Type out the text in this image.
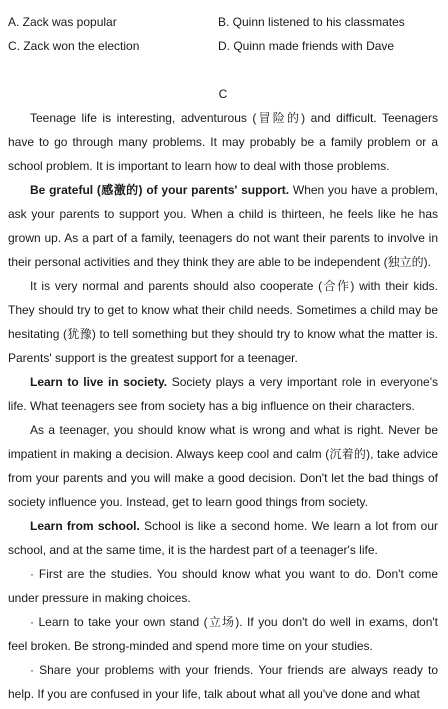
A. Zack was popular	B. Quinn listened to his classmates
C. Zack won the election	D. Quinn made friends with Dave
C

Teenage life is interesting, adventurous (冒险的) and difficult. Teenagers have to go through many problems. It may probably be a family problem or a school problem. It is important to learn how to deal with those problems.

Be grateful (感激的) of your parents' support. When you have a problem, ask your parents to support you. When a child is thirteen, he feels like he has grown up. As a part of a family, teenagers do not want their parents to involve in their personal activities and they think they are able to be independent (独立的).

It is very normal and parents should also cooperate (合作) with their kids. They should try to get to know what their child needs. Sometimes a child may be hesitating (犹豫) to tell something but they should try to know what the matter is. Parents' support is the greatest support for a teenager.

Learn to live in society. Society plays a very important role in everyone's life. What teenagers see from society has a big influence on their characters.

As a teenager, you should know what is wrong and what is right. Never be impatient in making a decision. Always keep cool and calm (沉着的), take advice from your parents and you will make a good decision. Don't let the bad things of society influence you. Instead, get to learn good things from society.

Learn from school. School is like a second home. We learn a lot from our school, and at the same time, it is the hardest part of a teenager's life.

· First are the studies. You should know what you want to do. Don't come under pressure in making choices.

· Learn to take your own stand (立场). If you don't do well in exams, don't feel broken. Be strong-minded and spend more time on your studies.

· Share your problems with your friends. Your friends are always ready to help. If you are confused in your life, talk about what all you've done and what
